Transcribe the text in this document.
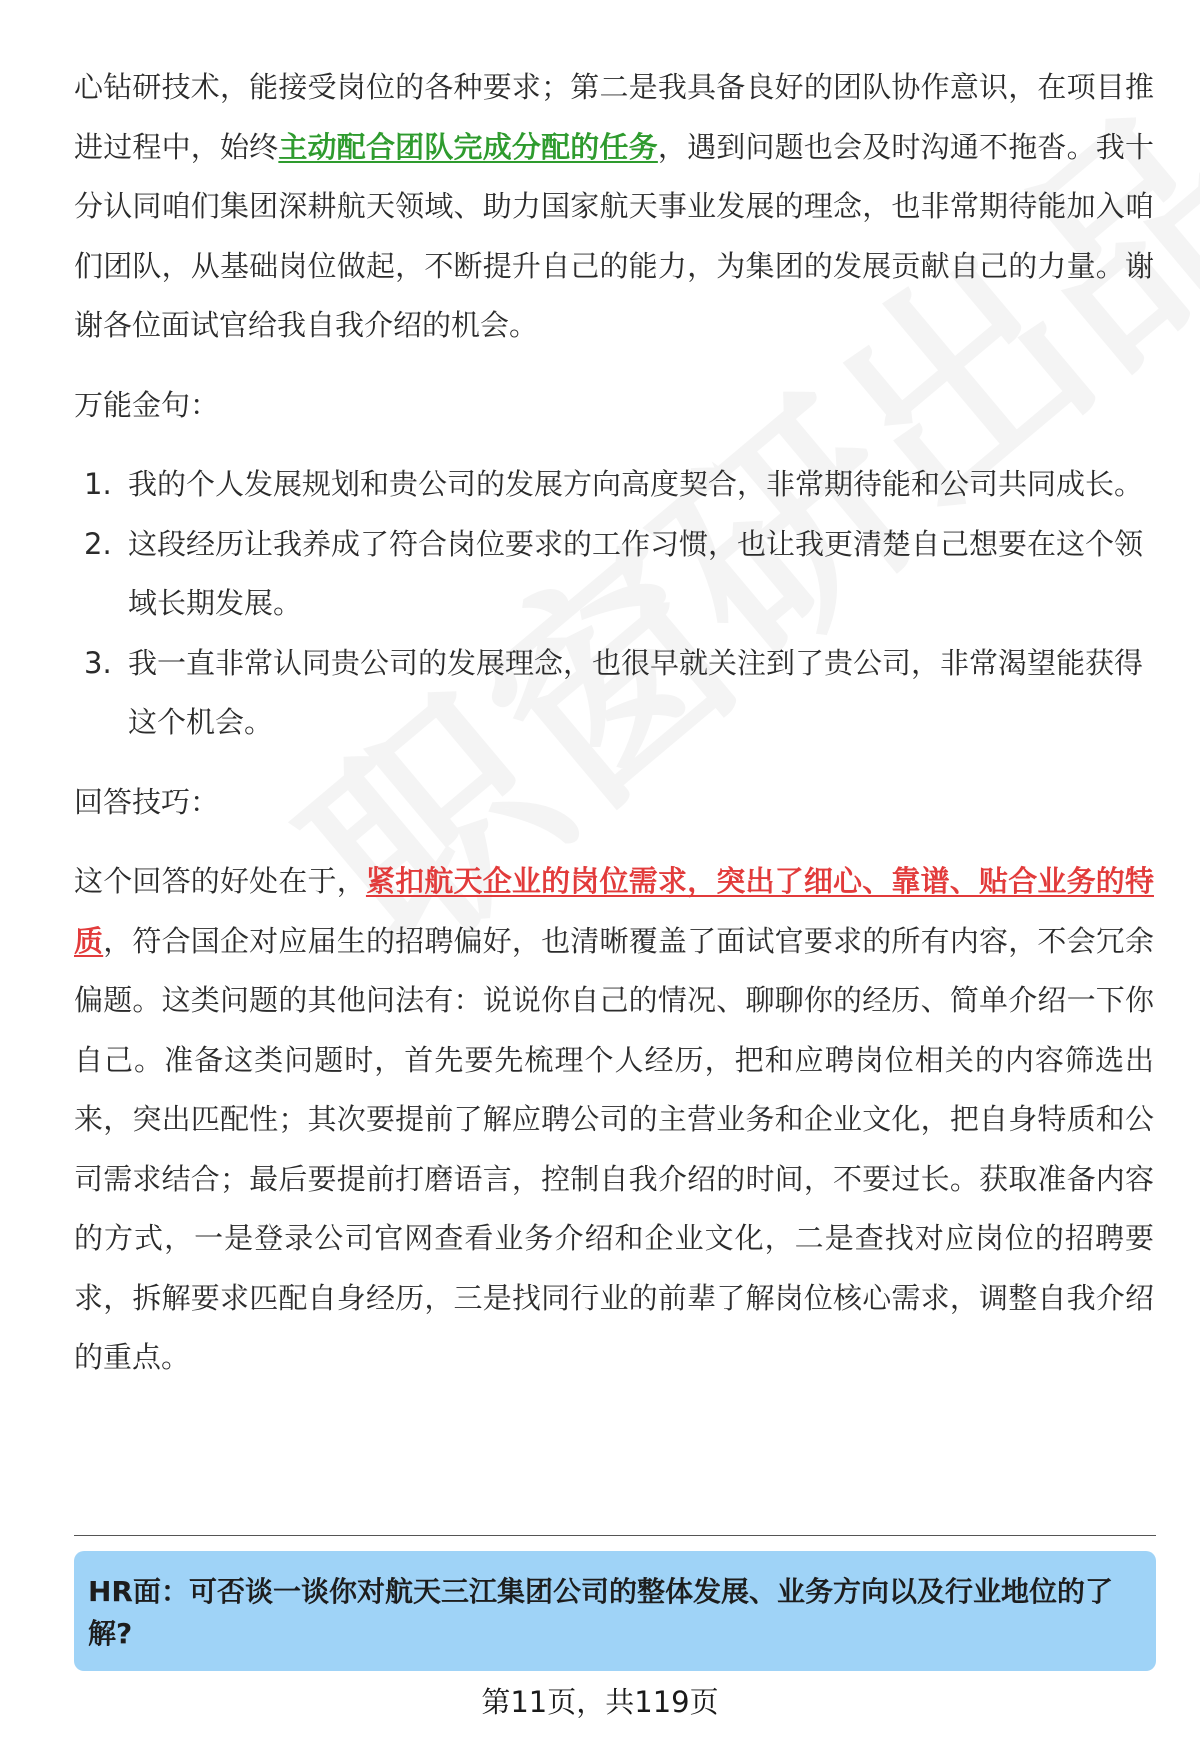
心钻研技术，能接受岗位的各种要求；第二是我具备良好的团队协作意识，在项目推进过程中，始终主动配合团队完成分配的任务，遇到问题也会及时沟通不拖沓。我十分认同咱们集团深耕航天领域、助力国家航天事业发展的理念，也非常期待能加入咱们团队，从基础岗位做起，不断提升自己的能力，为集团的发展贡献自己的力量。谢谢各位面试官给我自我介绍的机会。

万能金句：

1. 我的个人发展规划和贵公司的发展方向高度契合，非常期待能和公司共同成长。
2. 这段经历让我养成了符合岗位要求的工作习惯，也让我更清楚自己想要在这个领域长期发展。
3. 我一直非常认同贵公司的发展理念，也很早就关注到了贵公司，非常渴望能获得这个机会。

回答技巧：

这个回答的好处在于，紧扣航天企业的岗位需求，突出了细心、靠谱、贴合业务的特质，符合国企对应届生的招聘偏好，也清晰覆盖了面试官要求的所有内容，不会冗余偏题。这类问题的其他问法有：说说你自己的情况、聊聊你的经历、简单介绍一下你自己。准备这类问题时，首先要先梳理个人经历，把和应聘岗位相关的内容筛选出来，突出匹配性；其次要提前了解应聘公司的主营业务和企业文化，把自身特质和公司需求结合；最后要提前打磨语言，控制自我介绍的时间，不要过长。获取准备内容的方式，一是登录公司官网查看业务介绍和企业文化，二是查找对应岗位的招聘要求，拆解要求匹配自身经历，三是找同行业的前辈了解岗位核心需求，调整自我介绍的重点。

HR面：可否谈一谈你对航天三江集团公司的整体发展、业务方向以及行业地位的了解?
第11页，共119页
